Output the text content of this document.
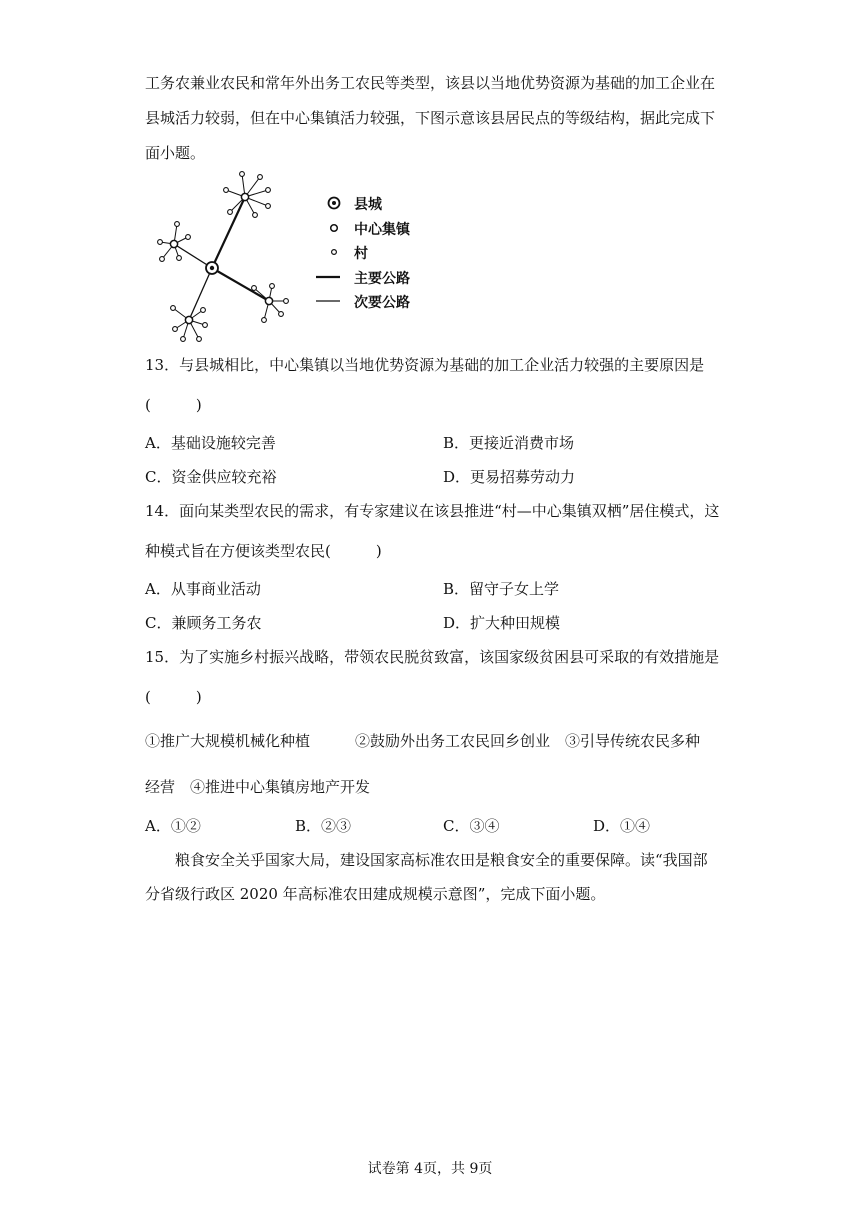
工务农兼业农民和常年外出务工农民等类型，该县以当地优势资源为基础的加工企业在
县城活力较弱，但在中心集镇活力较强，下图示意该县居民点的等级结构，据此完成下
面小题。
县城
中心集镇
村
主要公路
次要公路
13．与县城相比，中心集镇以当地优势资源为基础的加工企业活力较强的主要原因是
(　　　)
A．基础设施较完善	B．更接近消费市场
C．资金供应较充裕	D．更易招募劳动力
14．面向某类型农民的需求，有专家建议在该县推进“村—中心集镇双栖”居住模式，这
种模式旨在方便该类型农民(　　　)
A．从事商业活动	B．留守子女上学
C．兼顾务工务农	D．扩大种田规模
15．为了实施乡村振兴战略，带领农民脱贫致富，该国家级贫困县可采取的有效措施是
(　　　)
①推广大规模机械化种植　　　②鼓励外出务工农民回乡创业　③引导传统农民多种
经营　④推进中心集镇房地产开发
A．①②	B．②③	C．③④	D．①④
粮食安全关乎国家大局，建设国家高标准农田是粮食安全的重要保障。读“我国部
分省级行政区 2020 年高标准农田建成规模示意图”，完成下面小题。
试卷第 4页，共 9页
